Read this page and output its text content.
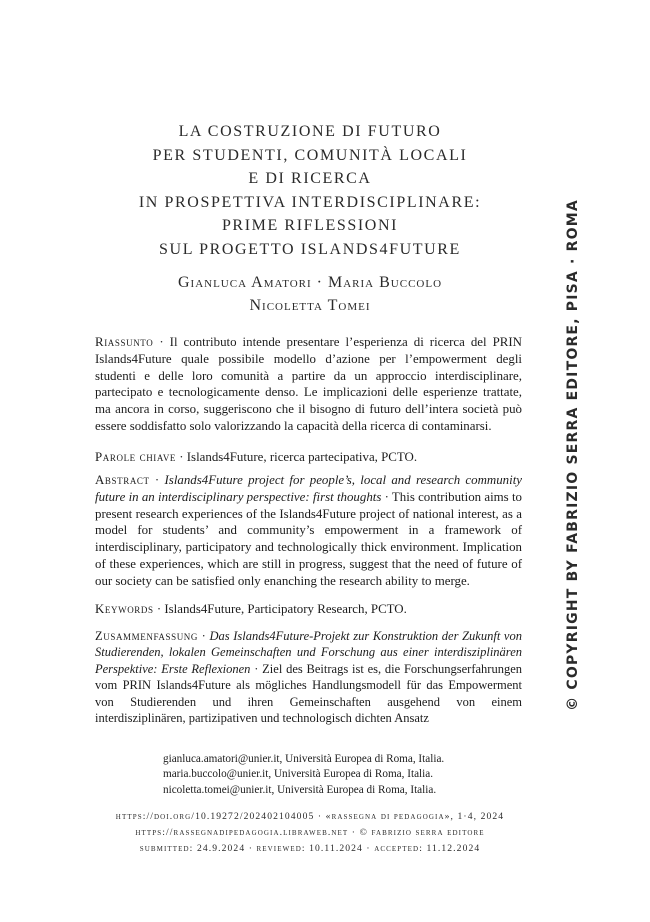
LA COSTRUZIONE DI FUTURO
PER STUDENTI, COMUNITÀ LOCALI
E DI RICERCA
IN PROSPETTIVA INTERDISCIPLINARE:
PRIME RIFLESSIONI
SUL PROGETTO ISLANDS4FUTURE
Gianluca Amatori · Maria Buccolo
Nicoletta Tomei
Riassunto · Il contributo intende presentare l’esperienza di ricerca del PRIN Islands4Future quale possibile modello d’azione per l’empowerment degli studenti e delle loro comunità a partire da un approccio interdisciplinare, partecipato e tecnologicamente denso. Le implicazioni delle esperienze trattate, ma ancora in corso, suggeriscono che il bisogno di futuro dell’intera società può essere soddisfatto solo valorizzando la capacità della ricerca di contaminarsi.
Parole chiave · Islands4Future, ricerca partecipativa, PCTO.
Abstract · Islands4Future project for people’s, local and research community future in an interdisciplinary perspective: first thoughts · This contribution aims to present research experiences of the Islands4Future project of national interest, as a model for students’ and community’s empowerment in a framework of interdisciplinary, participatory and technologically thick environment. Implication of these experiences, which are still in progress, suggest that the need of future of our society can be satisfied only enanching the research ability to merge.
Keywords · Islands4Future, Participatory Research, PCTO.
Zusammenfassung · Das Islands4Future-Projekt zur Konstruktion der Zukunft von Studierenden, lokalen Gemeinschaften und Forschung aus einer interdisziplinären Perspektive: Erste Reflexionen · Ziel des Beitrags ist es, die Forschungserfahrungen vom PRIN Islands4Future als mögliches Handlungsmodell für das Empowerment von Studierenden und ihren Gemeinschaften ausgehend von einem interdisziplinären, partizipativen und technologisch dichten Ansatz
gianluca.amatori@unier.it, Università Europea di Roma, Italia.
maria.buccolo@unier.it, Università Europea di Roma, Italia.
nicoletta.tomei@unier.it, Università Europea di Roma, Italia.
https://doi.org/10.19272/202402104005 · «rassegna di pedagogia», 1·4, 2024
https://rassegnadipedagogia.libraweb.net · © fabrizio serra editore
submitted: 24.9.2024 · reviewed: 10.11.2024 · accepted: 11.12.2024
© COPYRIGHT BY FABRIZIO SERRA EDITORE, PISA · ROMA
